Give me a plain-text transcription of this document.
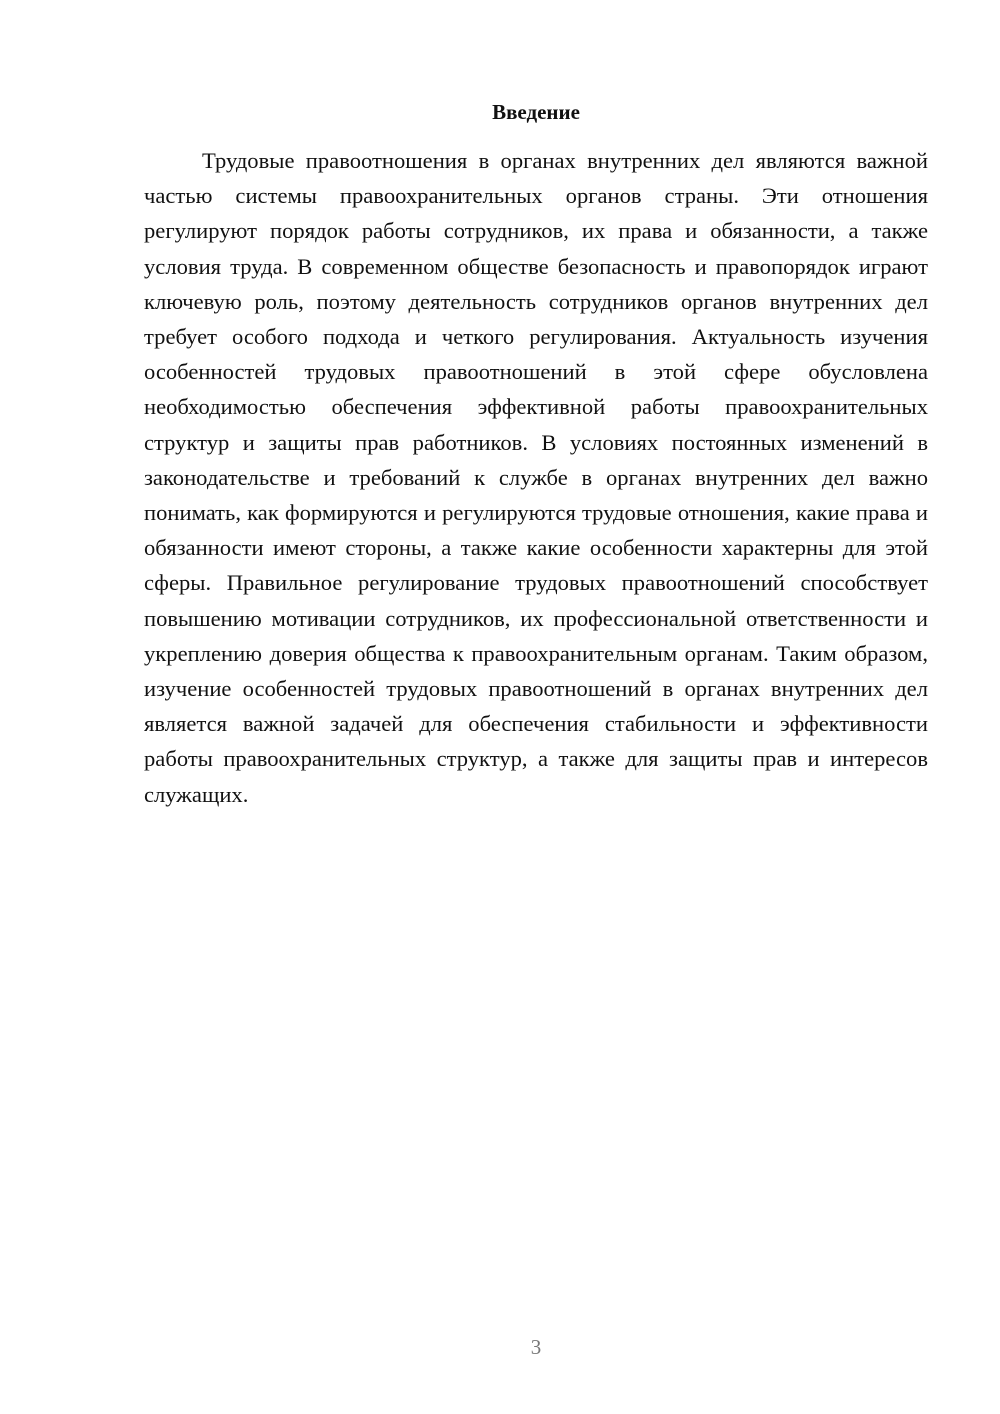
Введение

Трудовые правоотношения в органах внутренних дел являются важной частью системы правоохранительных органов страны. Эти отношения регулируют порядок работы сотрудников, их права и обязанности, а также условия труда. В современном обществе безопасность и правопорядок играют ключевую роль, поэтому деятельность сотрудников органов внутренних дел требует особого подхода и четкого регулирования. Актуальность изучения особенностей трудовых правоотношений в этой сфере обусловлена необходимостью обеспечения эффективной работы правоохранительных структур и защиты прав работников. В условиях постоянных изменений в законодательстве и требований к службе в органах внутренних дел важно понимать, как формируются и регулируются трудовые отношения, какие права и обязанности имеют стороны, а также какие особенности характерны для этой сферы. Правильное регулирование трудовых правоотношений способствует повышению мотивации сотрудников, их профессиональной ответственности и укреплению доверия общества к правоохранительным органам. Таким образом, изучение особенностей трудовых правоотношений в органах внутренних дел является важной задачей для обеспечения стабильности и эффективности работы правоохранительных структур, а также для защиты прав и интересов служащих.

3
